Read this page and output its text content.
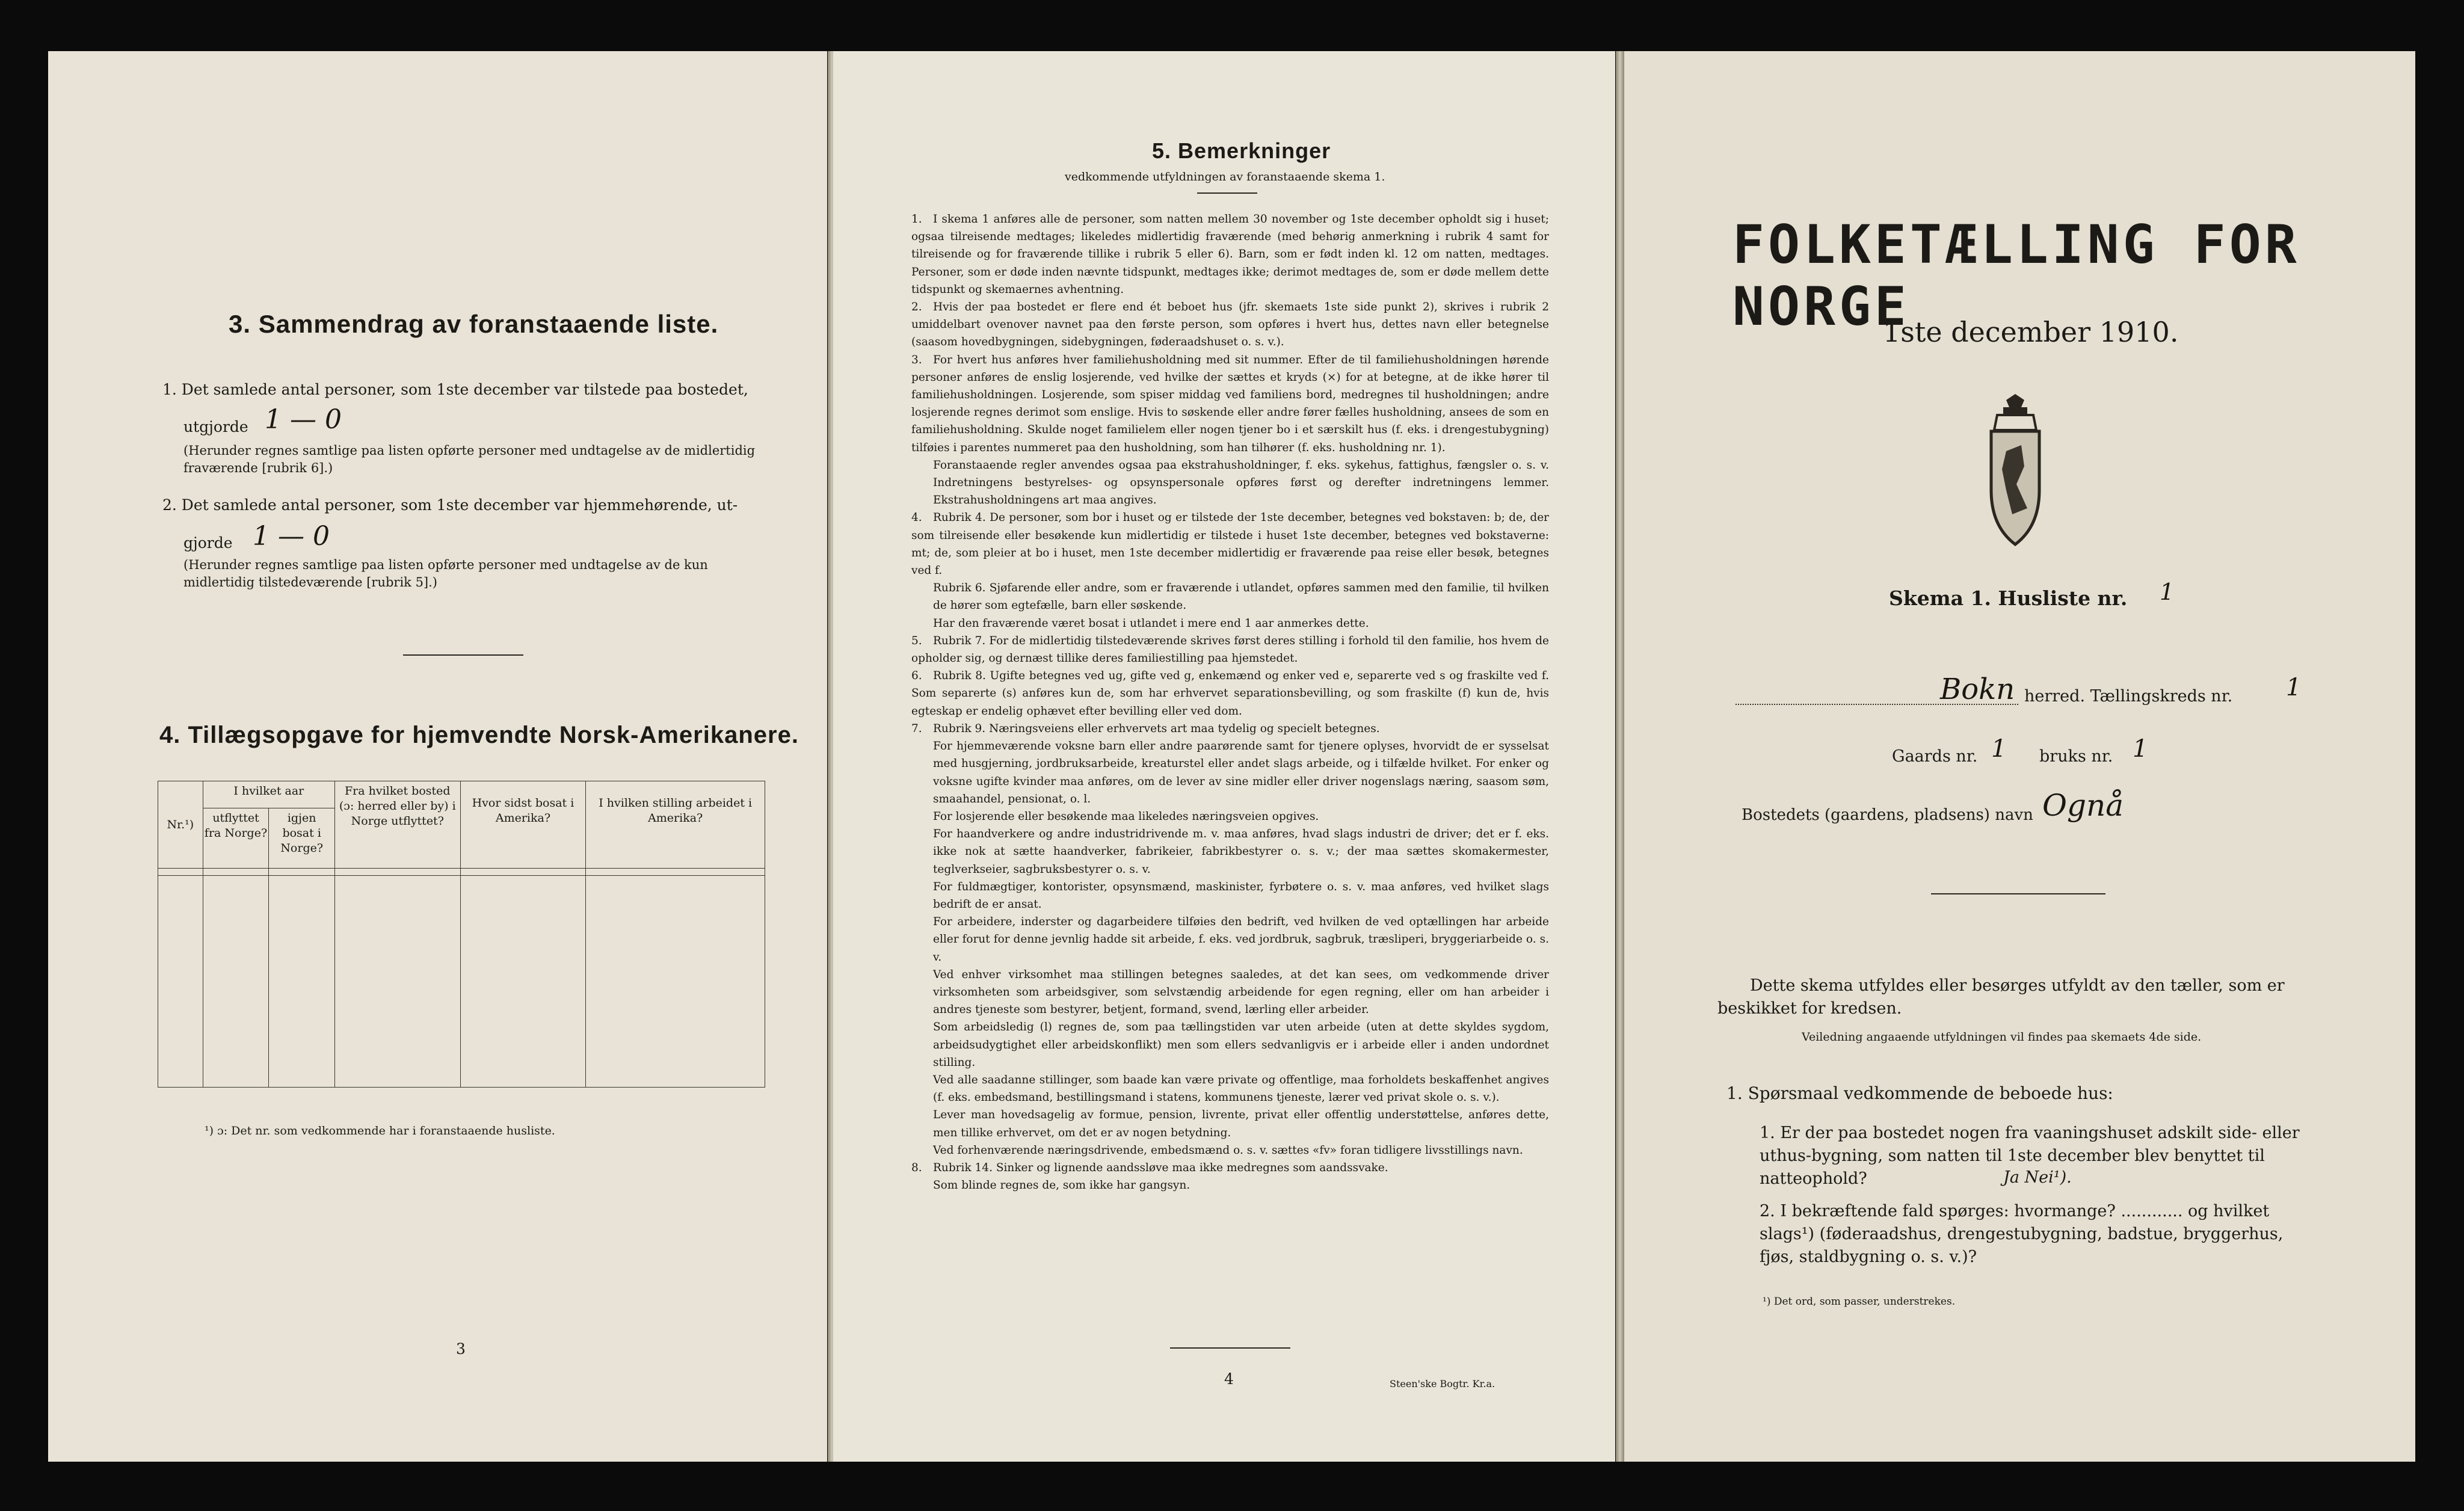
3. Sammendrag av foranstaaende liste.
1. Det samlede antal personer, som 1ste december var tilstede paa bostedet,
utgjorde 1 — 0
(Herunder regnes samtlige paa listen opførte personer med undtagelse av de midlertidig fraværende [rubrik 6].)
2. Det samlede antal personer, som 1ste december var hjemmehørende, ut-
gjorde 1 — 0
(Herunder regnes samtlige paa listen opførte personer med undtagelse av de kun midlertidig tilstedeværende [rubrik 5].)
4. Tillægsopgave for hjemvendte Norsk-Amerikanere.
Nr.¹)	I hvilket aar		Fra hvilket bosted (ɔ: herred eller by) i Norge utflyttet?	Hvor sidst bosat i Amerika?	I hvilken stilling arbeidet i Amerika?
	utflyttet fra Norge?	igjen bosat i Norge?			

¹) ɔ: Det nr. som vedkommende har i foranstaaende husliste.
3
5. Bemerkninger
vedkommende utfyldningen av foranstaaende skema 1.

1. I skema 1 anføres alle de personer, som natten mellem 30 november og 1ste december opholdt sig i huset; ogsaa tilreisende medtages; likeledes midlertidig fraværende (med behørig anmerkning i rubrik 4 samt for tilreisende og for fraværende tillike i rubrik 5 eller 6). Barn, som er født inden kl. 12 om natten, medtages. Personer, som er døde inden nævnte tidspunkt, medtages ikke; derimot medtages de, som er døde mellem dette tidspunkt og skemaernes avhentning.

2. Hvis der paa bostedet er flere end ét beboet hus (jfr. skemaets 1ste side punkt 2), skrives i rubrik 2 umiddelbart ovenover navnet paa den første person, som opføres i hvert hus, dettes navn eller betegnelse (saasom hovedbygningen, sidebygningen, føderaadshuset o. s. v.).

3. For hvert hus anføres hver familiehusholdning med sit nummer. Efter de til familiehusholdningen hørende personer anføres de enslig losjerende, ved hvilke der sættes et kryds (×) for at betegne, at de ikke hører til familiehusholdningen. Losjerende, som spiser middag ved familiens bord, medregnes til husholdningen; andre losjerende regnes derimot som enslige. Hvis to søskende eller andre fører fælles husholdning, ansees de som en familiehusholdning. Skulde noget familielem eller nogen tjener bo i et særskilt hus (f. eks. i drengestubygning) tilføies i parentes nummeret paa den husholdning, som han tilhører (f. eks. husholdning nr. 1).

Foranstaaende regler anvendes ogsaa paa ekstrahusholdninger, f. eks. sykehus, fattighus, fængsler o. s. v. Indretningens bestyrelses- og opsynspersonale opføres først og derefter indretningens lemmer. Ekstrahusholdningens art maa angives.

4. Rubrik 4. De personer, som bor i huset og er tilstede der 1ste december, betegnes ved bokstaven: b; de, der som tilreisende eller besøkende kun midlertidig er tilstede i huset 1ste december, betegnes ved bokstaverne: mt; de, som pleier at bo i huset, men 1ste december midlertidig er fraværende paa reise eller besøk, betegnes ved f.

Rubrik 6. Sjøfarende eller andre, som er fraværende i utlandet, opføres sammen med den familie, til hvilken de hører som egtefælle, barn eller søskende.

Har den fraværende været bosat i utlandet i mere end 1 aar anmerkes dette.

5. Rubrik 7. For de midlertidig tilstedeværende skrives først deres stilling i forhold til den familie, hos hvem de opholder sig, og dernæst tillike deres familiestilling paa hjemstedet.

6. Rubrik 8. Ugifte betegnes ved ug, gifte ved g, enkemænd og enker ved e, separerte ved s og fraskilte ved f. Som separerte (s) anføres kun de, som har erhvervet separationsbevilling, og som fraskilte (f) kun de, hvis egteskap er endelig ophævet efter bevilling eller ved dom.

7. Rubrik 9. Næringsveiens eller erhvervets art maa tydelig og specielt betegnes.

For hjemmeværende voksne barn eller andre paarørende samt for tjenere oplyses, hvorvidt de er sysselsat med husgjerning, jordbruksarbeide, kreaturstel eller andet slags arbeide, og i tilfælde hvilket. For enker og voksne ugifte kvinder maa anføres, om de lever av sine midler eller driver nogenslags næring, saasom søm, smaahandel, pensionat, o. l.

For losjerende eller besøkende maa likeledes næringsveien opgives.

For haandverkere og andre industridrivende m. v. maa anføres, hvad slags industri de driver; det er f. eks. ikke nok at sætte haandverker, fabrikeier, fabrikbestyrer o. s. v.; der maa sættes skomakermester, teglverkseier, sagbruksbestyrer o. s. v.

For fuldmægtiger, kontorister, opsynsmænd, maskinister, fyrbøtere o. s. v. maa anføres, ved hvilket slags bedrift de er ansat.

For arbeidere, inderster og dagarbeidere tilføies den bedrift, ved hvilken de ved optællingen har arbeide eller forut for denne jevnlig hadde sit arbeide, f. eks. ved jordbruk, sagbruk, træsliperi, bryggeriarbeide o. s. v.

Ved enhver virksomhet maa stillingen betegnes saaledes, at det kan sees, om vedkommende driver virksomheten som arbeidsgiver, som selvstændig arbeidende for egen regning, eller om han arbeider i andres tjeneste som bestyrer, betjent, formand, svend, lærling eller arbeider.

Som arbeidsledig (l) regnes de, som paa tællingstiden var uten arbeide (uten at dette skyldes sygdom, arbeidsudygtighet eller arbeidskonflikt) men som ellers sedvanligvis er i arbeide eller i anden undordnet stilling.

Ved alle saadanne stillinger, som baade kan være private og offentlige, maa forholdets beskaffenhet angives (f. eks. embedsmand, bestillingsmand i statens, kommunens tjeneste, lærer ved privat skole o. s. v.).

Lever man hovedsagelig av formue, pension, livrente, privat eller offentlig understøttelse, anføres dette, men tillike erhvervet, om det er av nogen betydning.

Ved forhenværende næringsdrivende, embedsmænd o. s. v. sættes «fv» foran tidligere livsstillings navn.

8. Rubrik 14. Sinker og lignende aandssløve maa ikke medregnes som aandssvake.

Som blinde regnes de, som ikke har gangsyn.

4	Steen'ske Bogtr. Kr.a.
FOLKETÆLLING FOR NORGE
1ste december 1910.
Skema 1. Husliste nr. 1
Bokn herred. Tællingskreds nr. 1
Gaards nr. 1 bruks nr. 1
Bostedets (gaardens, pladsens) navn Ognå
Dette skema utfyldes eller besørges utfyldt av den tæller, som er beskikket for kredsen.
Veiledning angaaende utfyldningen vil findes paa skemaets 4de side.
1. Spørsmaal vedkommende de beboede hus:
1. Er der paa bostedet nogen fra vaaningshuset adskilt side- eller uthus-bygning, som natten til 1ste december blev benyttet til natteophold?	Ja Nei¹).
2. I bekræftende fald spørges: hvormange? ............ og hvilket slags¹) (føderaadshus, drengestubygning, badstue, bryggerhus, fjøs, staldbygning o. s. v.)?
¹) Det ord, som passer, understrekes.
